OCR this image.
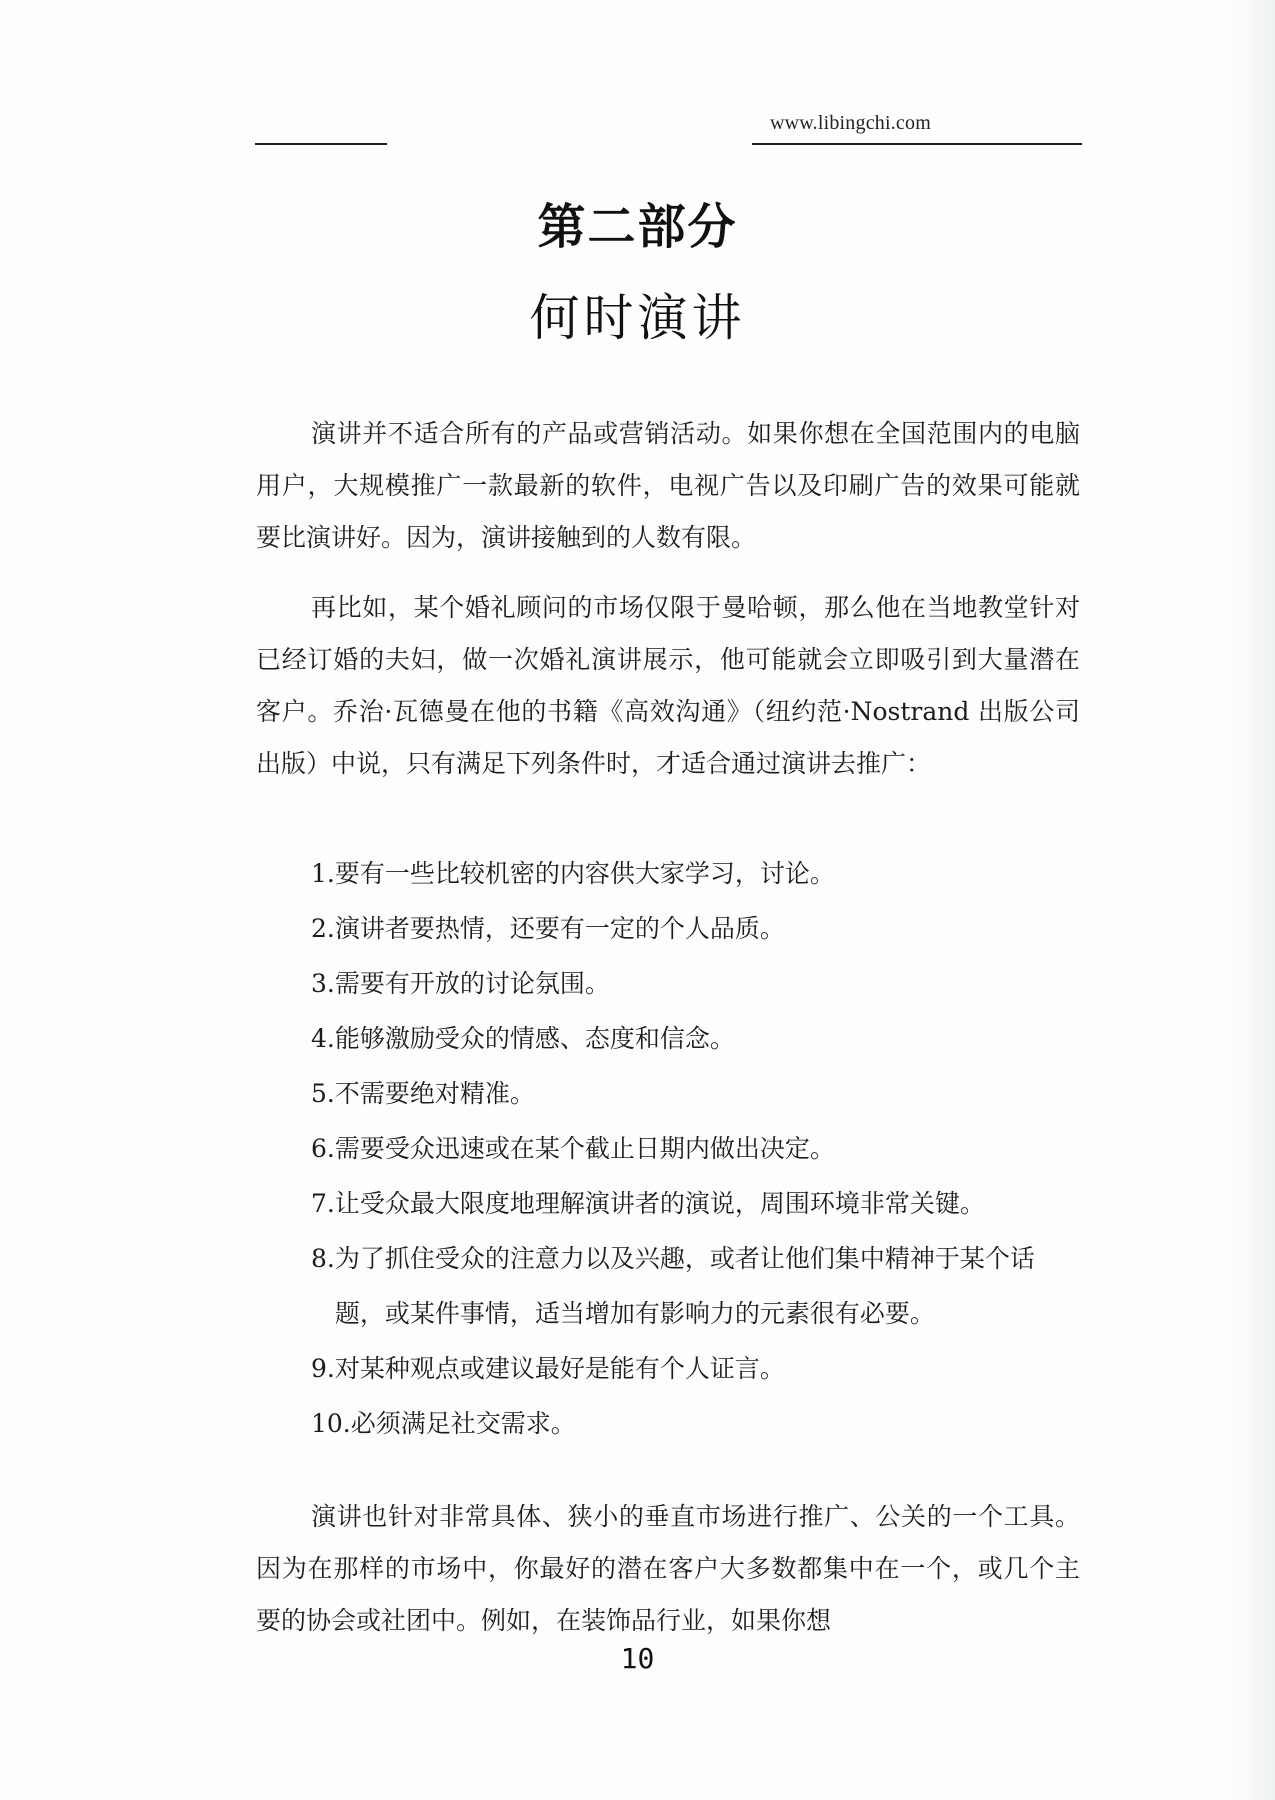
www.libingchi.com
第二部分
何时演讲

演讲并不适合所有的产品或营销活动。如果你想在全国范围内的电脑用户，大规模推广一款最新的软件，电视广告以及印刷广告的效果可能就要比演讲好。因为，演讲接触到的人数有限。

再比如，某个婚礼顾问的市场仅限于曼哈顿，那么他在当地教堂针对已经订婚的夫妇，做一次婚礼演讲展示，他可能就会立即吸引到大量潜在客户。乔治·瓦德曼在他的书籍《高效沟通》（纽约范·Nostrand 出版公司出版）中说，只有满足下列条件时，才适合通过演讲去推广：

1. 要有一些比较机密的内容供大家学习，讨论。
2. 演讲者要热情，还要有一定的个人品质。
3. 需要有开放的讨论氛围。
4. 能够激励受众的情感、态度和信念。
5. 不需要绝对精准。
6. 需要受众迅速或在某个截止日期内做出决定。
7. 让受众最大限度地理解演讲者的演说，周围环境非常关键。
8. 为了抓住受众的注意力以及兴趣，或者让他们集中精神于某个话题，或某件事情，适当增加有影响力的元素很有必要。
9. 对某种观点或建议最好是能有个人证言。
10. 必须满足社交需求。

演讲也针对非常具体、狭小的垂直市场进行推广、公关的一个工具。因为在那样的市场中，你最好的潜在客户大多数都集中在一个，或几个主要的协会或社团中。例如，在装饰品行业，如果你想

10
